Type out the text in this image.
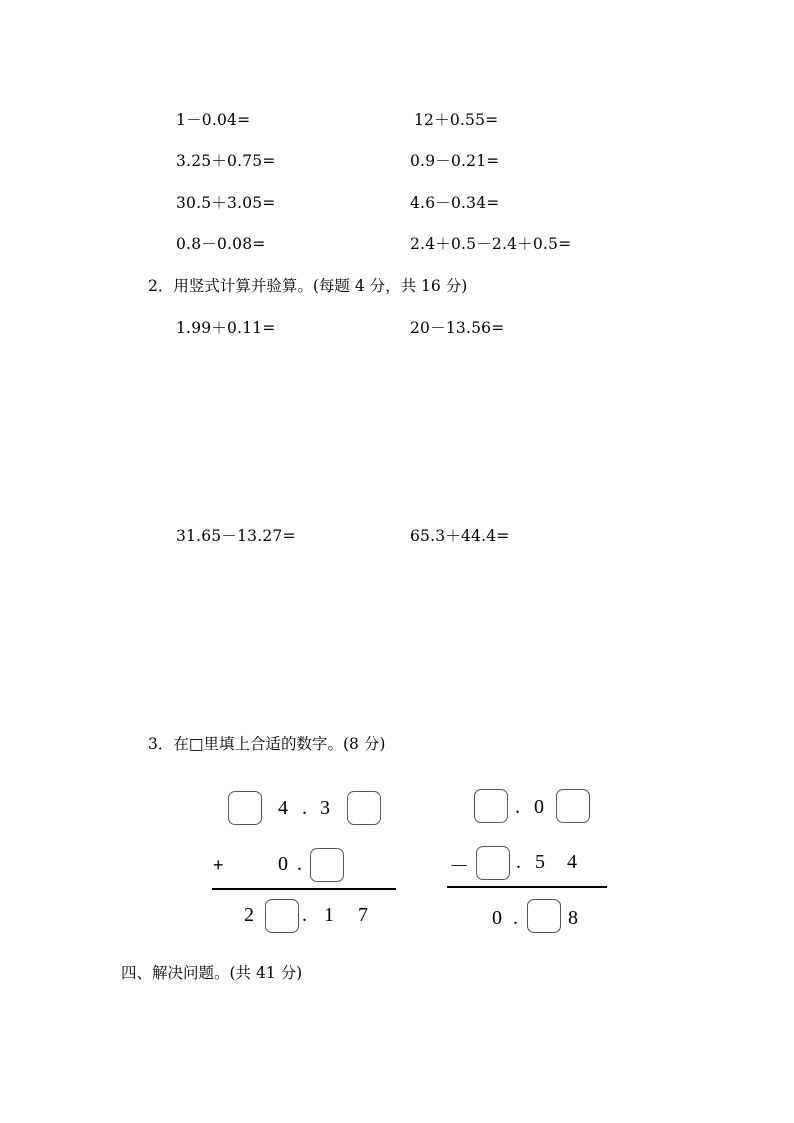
1－0.04=	12＋0.55=
3.25＋0.75=	0.9－0.21=
30.5＋3.05=	4.6－0.34=
0.8－0.08=	2.4＋0.5－2.4＋0.5=
2．用竖式计算并验算。(每题 4 分，共 16 分)
1.99＋0.11=	20－13.56=
31.65－13.27=	65.3＋44.4=
3．在□里填上合适的数字。(8 分)
4 . 3
+	0 .
2 . 1 7
. 0
－ . 5 4
0 .	8
四、解决问题。(共 41 分)
